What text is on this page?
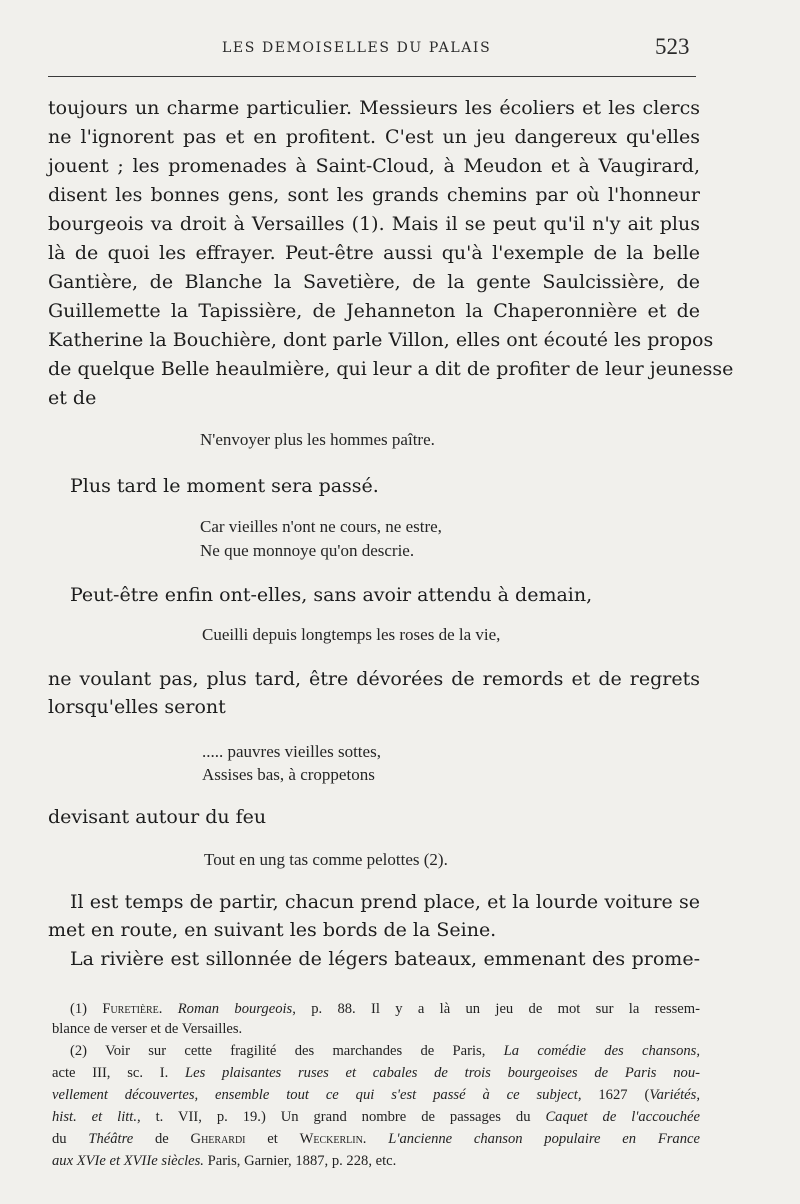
LES DEMOISELLES DU PALAIS	523
toujours un charme particulier. Messieurs les écoliers et les clercs
ne l'ignorent pas et en profitent. C'est un jeu dangereux qu'elles
jouent ; les promenades à Saint-Cloud, à Meudon et à Vaugirard,
disent les bonnes gens, sont les grands chemins par où l'honneur
bourgeois va droit à Versailles (1). Mais il se peut qu'il n'y ait plus
là de quoi les effrayer. Peut-être aussi qu'à l'exemple de la belle
Gantière, de Blanche la Savetière, de la gente Saulcissière, de
Guillemette la Tapissière, de Jehanneton la Chaperonnière et de
Katherine la Bouchière, dont parle Villon, elles ont écouté les propos
de quelque Belle heaulmière, qui leur a dit de profiter de leur jeunesse
et de
N'envoyer plus les hommes paître.
Plus tard le moment sera passé.
Car vieilles n'ont ne cours, ne estre,
Ne que monnoye qu'on descrie.
Peut-être enfin ont-elles, sans avoir attendu à demain,
Cueilli depuis longtemps les roses de la vie,
ne voulant pas, plus tard, être dévorées de remords et de regrets
lorsqu'elles seront
..... pauvres vieilles sottes,
Assises bas, à croppetons
devisant autour du feu
Tout en ung tas comme pelottes (2).
Il est temps de partir, chacun prend place, et la lourde voiture se
met en route, en suivant les bords de la Seine.
La rivière est sillonnée de légers bateaux, emmenant des prome-
(1) Furetière. Roman bourgeois, p. 88. Il y a là un jeu de mot sur la ressem-
blance de verser et de Versailles.
(2) Voir sur cette fragilité des marchandes de Paris, La comédie des chansons,
acte III, sc. I. Les plaisantes ruses et cabales de trois bourgeoises de Paris nou-
vellement découvertes, ensemble tout ce qui s'est passé à ce subject, 1627 (Variétés,
hist. et litt., t. VII, p. 19.) Un grand nombre de passages du Caquet de l'accouchée
du Théâtre de Gherardi et Weckerlin. L'ancienne chanson populaire en France
aux XVIe et XVIIe siècles. Paris, Garnier, 1887, p. 228, etc.
